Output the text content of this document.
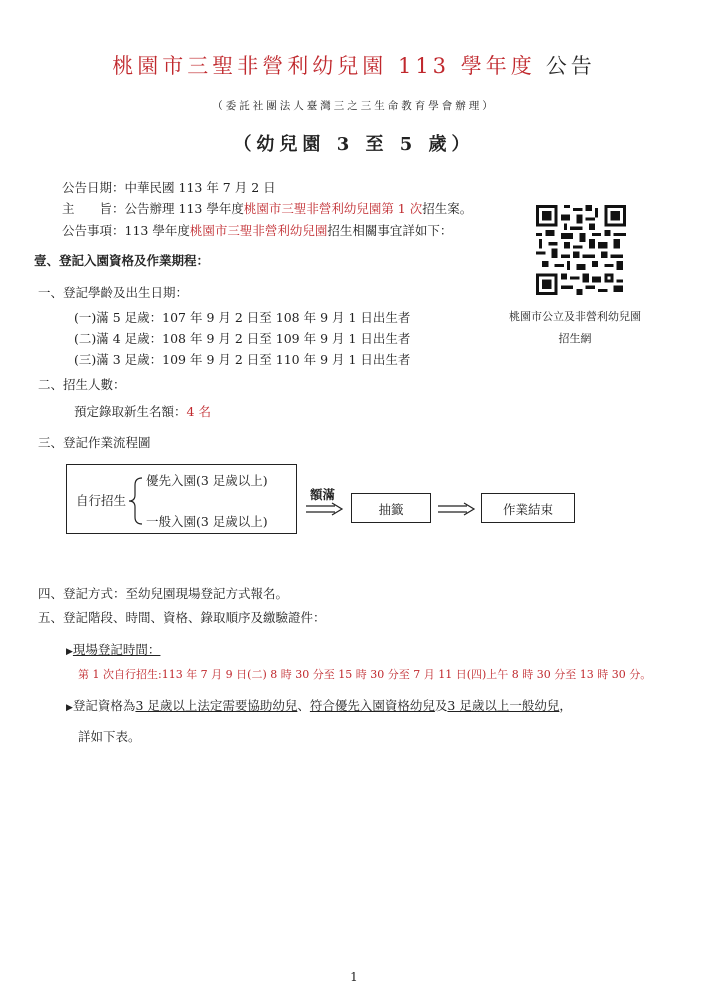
桃園市三聖非營利幼兒園 113 學年度 公告
（委託社團法人臺灣三之三生命教育學會辦理）
（幼兒園 3 至 5 歲）
公告日期：中華民國 113 年 7 月 2 日
主　　旨：公告辦理 113 學年度桃園市三聖非營利幼兒園第 1 次招生案。
公告事項：113 學年度桃園市三聖非營利幼兒園招生相關事宜詳如下：
桃園市公立及非營利幼兒園
招生網
壹、登記入園資格及作業期程：
一、登記學齡及出生日期：
(一)滿 5 足歲：107 年 9 月 2 日至 108 年 9 月 1 日出生者
(二)滿 4 足歲：108 年 9 月 2 日至 109 年 9 月 1 日出生者
(三)滿 3 足歲：109 年 9 月 2 日至 110 年 9 月 1 日出生者
二、招生人數：
預定錄取新生名額：4 名
三、登記作業流程圖
自行招生
優先入園(3 足歲以上)
一般入園(3 足歲以上)
額滿
抽籤	作業結束
四、登記方式：至幼兒園現場登記方式報名。
五、登記階段、時間、資格、錄取順序及繳驗證件：
▶現場登記時間：
第 1 次自行招生:113 年 7 月 9 日(二) 8 時 30 分至 15 時 30 分至 7 月 11 日(四)上午 8 時 30 分至 13 時 30 分。
▶登記資格為3 足歲以上法定需要協助幼兒、符合優先入園資格幼兒及3 足歲以上一般幼兒，
詳如下表。
1
